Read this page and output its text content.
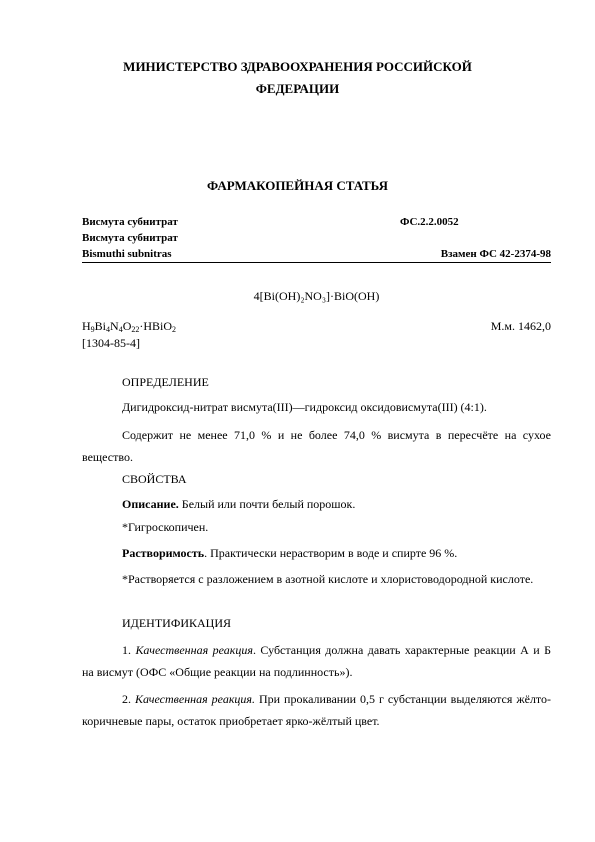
МИНИСТЕРСТВО ЗДРАВООХРАНЕНИЯ РОССИЙСКОЙ
ФЕДЕРАЦИИ
ФАРМАКОПЕЙНАЯ СТАТЬЯ
Висмута субнитрат	ФС.2.2.0052
Висмута субнитрат
Bismuthi subnitras	Взамен ФС 42-2374-98
4[Bi(OH)₂NO₃]·BiO(OH)
$H_9Bi_4N_4O_{22}\cdot HBiO_2$	М.м. 1462,0
[1304-85-4]
ОПРЕДЕЛЕНИЕ
Дигидроксид-нитрат висмута(III)—гидроксид оксидовисмута(III) (4:1).
Содержит не менее 71,0 % и не более 74,0 % висмута в пересчёте на сухое вещество.
СВОЙСТВА
Описание. Белый или почти белый порошок.
*Гигроскопичен.
Растворимость. Практически нерастворим в воде и спирте 96 %.
*Растворяется с разложением в азотной кислоте и хлористоводородной кислоте.
ИДЕНТИФИКАЦИЯ
1. Качественная реакция. Субстанция должна давать характерные реакции А и Б на висмут (ОФС «Общие реакции на подлинность»).
2. Качественная реакция. При прокаливании 0,5 г субстанции выделяются жёлто-коричневые пары, остаток приобретает ярко-жёлтый цвет.
